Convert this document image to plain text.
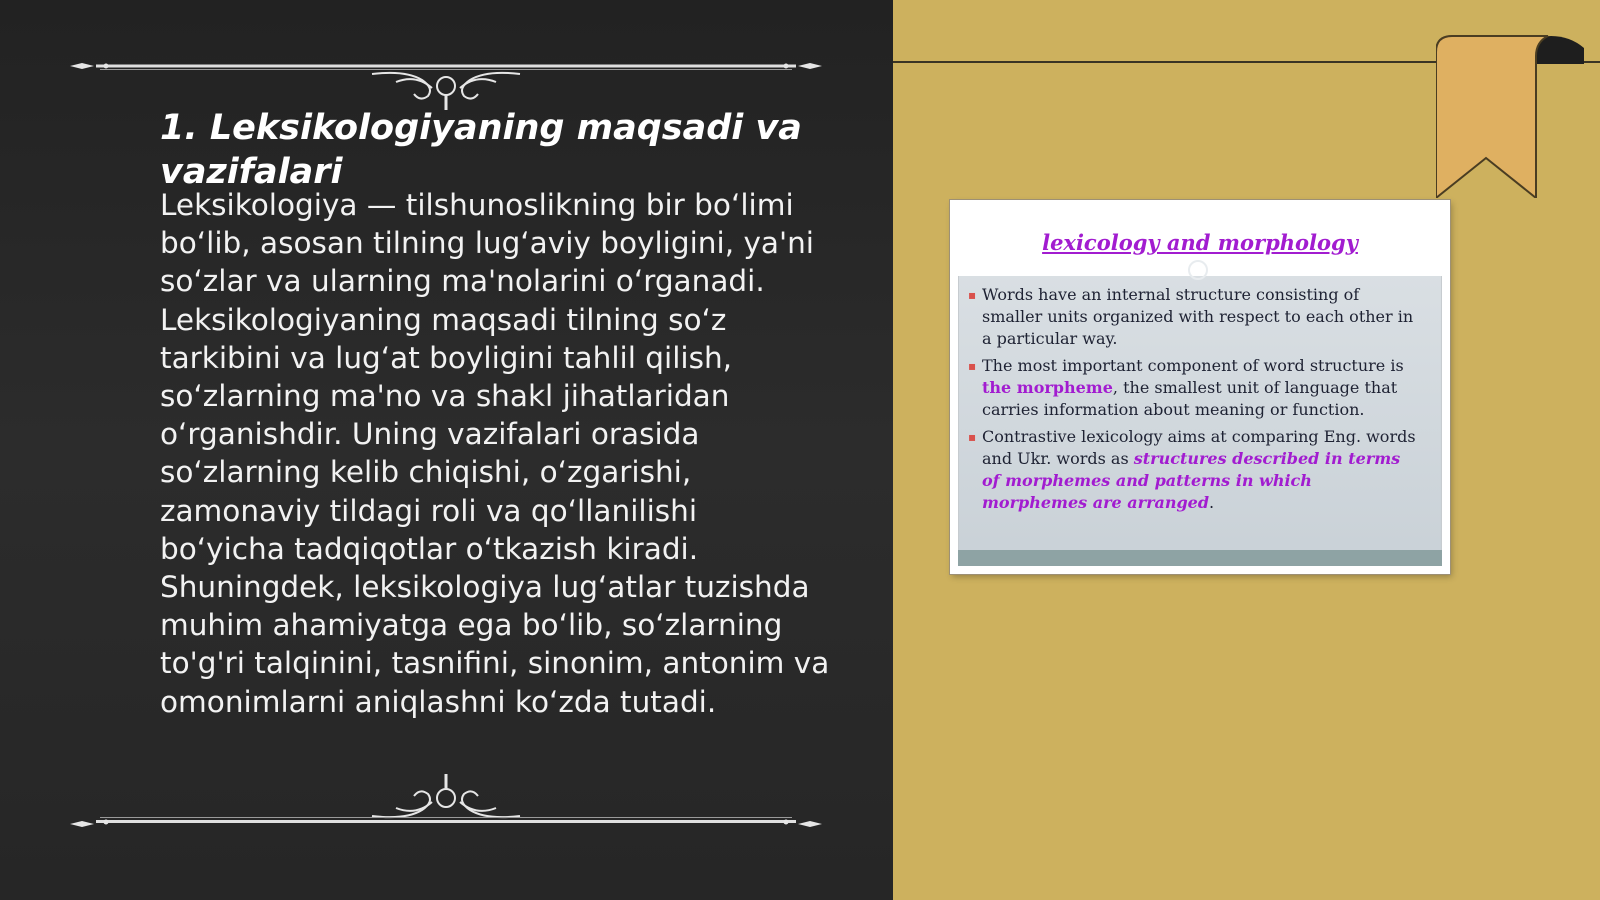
1. Leksikologiyaning maqsadi va vazifalari

Leksikologiya — tilshunoslikning bir bo‘limi bo‘lib, asosan tilning lug‘aviy boyligini, ya'ni so‘zlar va ularning ma'nolarini o‘rganadi. Leksikologiyaning maqsadi tilning so‘z tarkibini va lug‘at boyligini tahlil qilish, so‘zlarning ma'no va shakl jihatlaridan o‘rganishdir. Uning vazifalari orasida so‘zlarning kelib chiqishi, o‘zgarishi, zamonaviy tildagi roli va qo‘llanilishi bo‘yicha tadqiqotlar o‘tkazish kiradi. Shuningdek, leksikologiya lug‘atlar tuzishda muhim ahamiyatga ega bo‘lib, so‘zlarning to'g'ri talqinini, tasnifini, sinonim, antonim va omonimlarni aniqlashni ko‘zda tutadi.

lexicology and morphology
▪ Words have an internal structure consisting of smaller units organized with respect to each other in a particular way.
▪ The most important component of word structure is the morpheme, the smallest unit of language that carries information about meaning or function.
▪ Contrastive lexicology aims at comparing Eng. words and Ukr. words as structures described in terms of morphemes and patterns in which morphemes are arranged.
